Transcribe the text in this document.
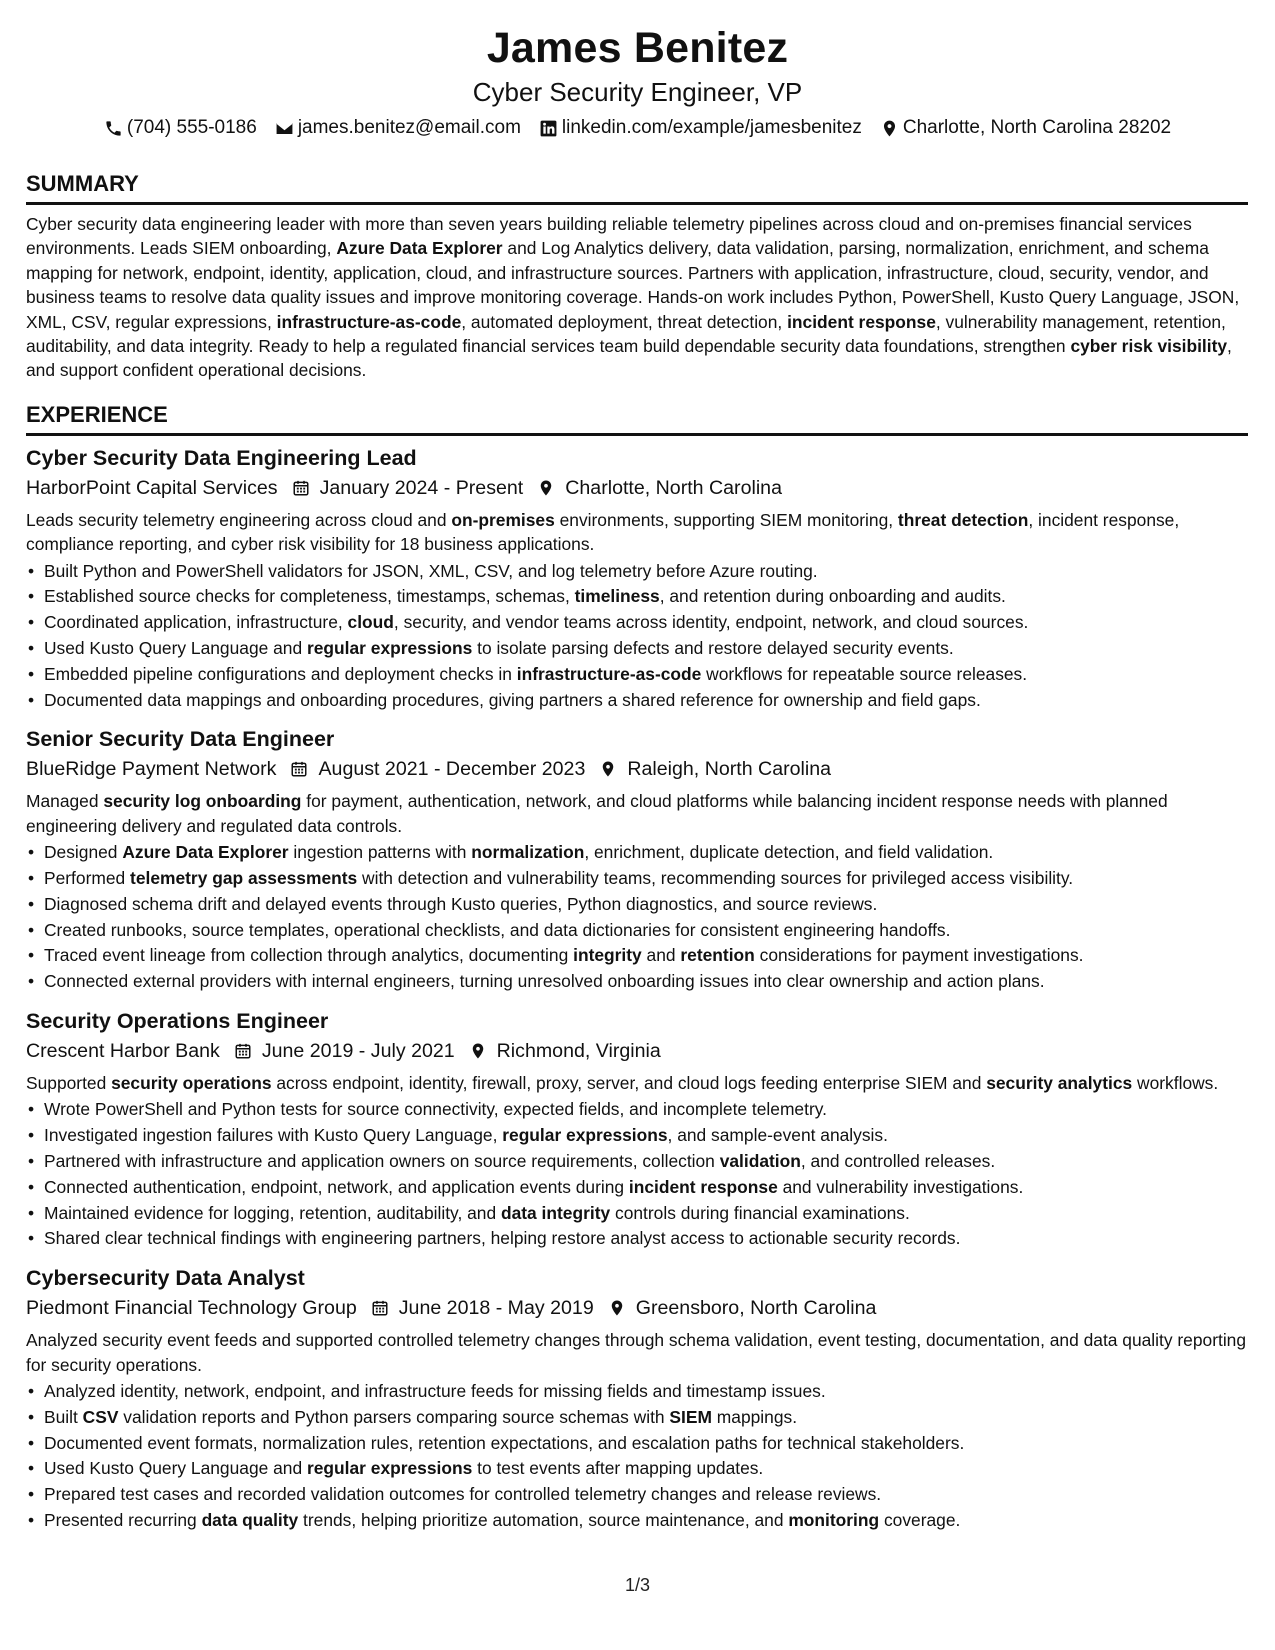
James Benitez
Cyber Security Engineer, VP
(704) 555-0186 james.benitez@email.com linkedin.com/example/jamesbenitez Charlotte, North Carolina 28202
SUMMARY

Cyber security data engineering leader with more than seven years building reliable telemetry pipelines across cloud and on-premises financial services environments. Leads SIEM onboarding, Azure Data Explorer and Log Analytics delivery, data validation, parsing, normalization, enrichment, and schema mapping for network, endpoint, identity, application, cloud, and infrastructure sources. Partners with application, infrastructure, cloud, security, vendor, and business teams to resolve data quality issues and improve monitoring coverage. Hands-on work includes Python, PowerShell, Kusto Query Language, JSON, XML, CSV, regular expressions, infrastructure-as-code, automated deployment, threat detection, incident response, vulnerability management, retention, auditability, and data integrity. Ready to help a regulated financial services team build dependable security data foundations, strengthen cyber risk visibility, and support confident operational decisions.

EXPERIENCE
Cyber Security Data Engineering Lead
HarborPoint Capital Services January 2024 - Present Charlotte, North Carolina

Leads security telemetry engineering across cloud and on-premises environments, supporting SIEM monitoring, threat detection, incident response, compliance reporting, and cyber risk visibility for 18 business applications.

• Built Python and PowerShell validators for JSON, XML, CSV, and log telemetry before Azure routing.
• Established source checks for completeness, timestamps, schemas, timeliness, and retention during onboarding and audits.
• Coordinated application, infrastructure, cloud, security, and vendor teams across identity, endpoint, network, and cloud sources.
• Used Kusto Query Language and regular expressions to isolate parsing defects and restore delayed security events.
• Embedded pipeline configurations and deployment checks in infrastructure-as-code workflows for repeatable source releases.
• Documented data mappings and onboarding procedures, giving partners a shared reference for ownership and field gaps.
Senior Security Data Engineer
BlueRidge Payment Network August 2021 - December 2023 Raleigh, North Carolina

Managed security log onboarding for payment, authentication, network, and cloud platforms while balancing incident response needs with planned engineering delivery and regulated data controls.

• Designed Azure Data Explorer ingestion patterns with normalization, enrichment, duplicate detection, and field validation.
• Performed telemetry gap assessments with detection and vulnerability teams, recommending sources for privileged access visibility.
• Diagnosed schema drift and delayed events through Kusto queries, Python diagnostics, and source reviews.
• Created runbooks, source templates, operational checklists, and data dictionaries for consistent engineering handoffs.
• Traced event lineage from collection through analytics, documenting integrity and retention considerations for payment investigations.
• Connected external providers with internal engineers, turning unresolved onboarding issues into clear ownership and action plans.
Security Operations Engineer
Crescent Harbor Bank June 2019 - July 2021 Richmond, Virginia

Supported security operations across endpoint, identity, firewall, proxy, server, and cloud logs feeding enterprise SIEM and security analytics workflows.

• Wrote PowerShell and Python tests for source connectivity, expected fields, and incomplete telemetry.
• Investigated ingestion failures with Kusto Query Language, regular expressions, and sample-event analysis.
• Partnered with infrastructure and application owners on source requirements, collection validation, and controlled releases.
• Connected authentication, endpoint, network, and application events during incident response and vulnerability investigations.
• Maintained evidence for logging, retention, auditability, and data integrity controls during financial examinations.
• Shared clear technical findings with engineering partners, helping restore analyst access to actionable security records.
Cybersecurity Data Analyst
Piedmont Financial Technology Group June 2018 - May 2019 Greensboro, North Carolina

Analyzed security event feeds and supported controlled telemetry changes through schema validation, event testing, documentation, and data quality reporting for security operations.

• Analyzed identity, network, endpoint, and infrastructure feeds for missing fields and timestamp issues.
• Built CSV validation reports and Python parsers comparing source schemas with SIEM mappings.
• Documented event formats, normalization rules, retention expectations, and escalation paths for technical stakeholders.
• Used Kusto Query Language and regular expressions to test events after mapping updates.
• Prepared test cases and recorded validation outcomes for controlled telemetry changes and release reviews.
• Presented recurring data quality trends, helping prioritize automation, source maintenance, and monitoring coverage.
1/3
